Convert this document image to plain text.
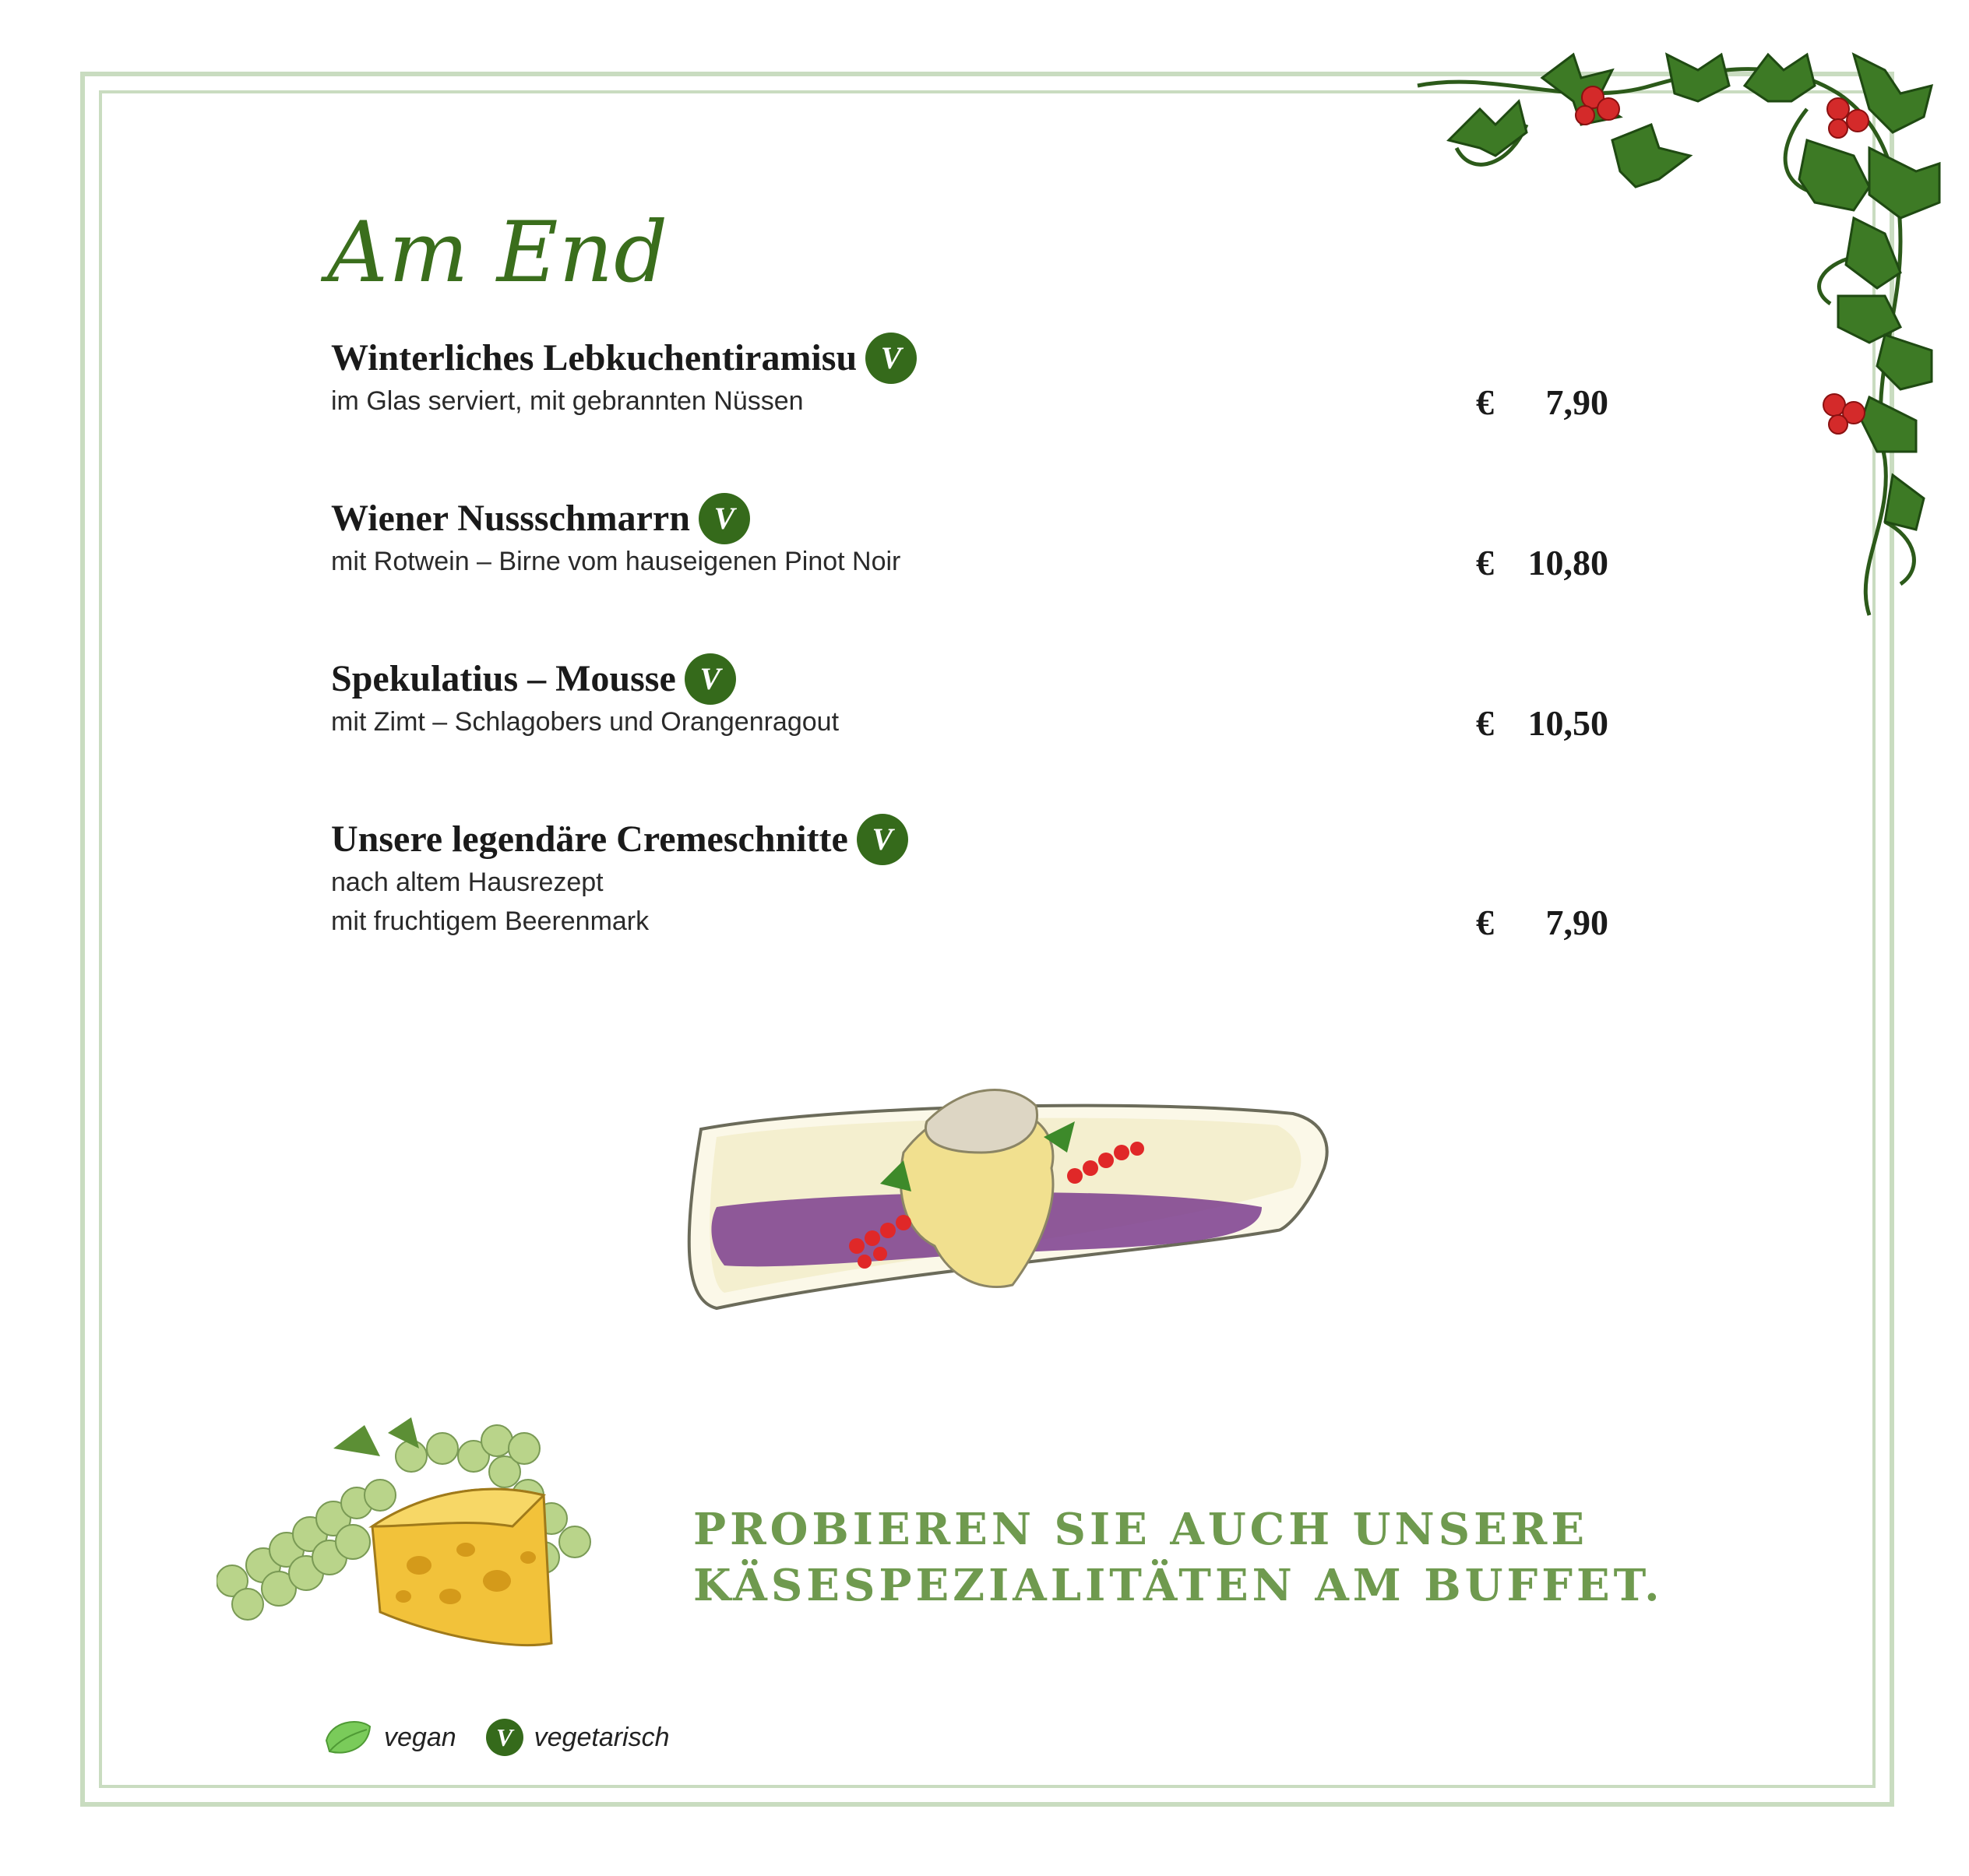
Am End
Winterliches Lebkuchentiramisu V
im Glas serviert, mit gebrannten Nüssen	€ 7,90
Wiener Nussschmarrn V
mit Rotwein – Birne vom hauseigenen Pinot Noir	€ 10,80
Spekulatius – Mousse V
mit Zimt – Schlagobers und Orangenragout	€ 10,50
Unsere legendäre Cremeschnitte V
nach altem Hausrezept
mit fruchtigem Beerenmark	€ 7,90
PROBIEREN SIE AUCH UNSERE
KÄSESPEZIALITÄTEN AM BUFFET.
vegan	V vegetarisch
